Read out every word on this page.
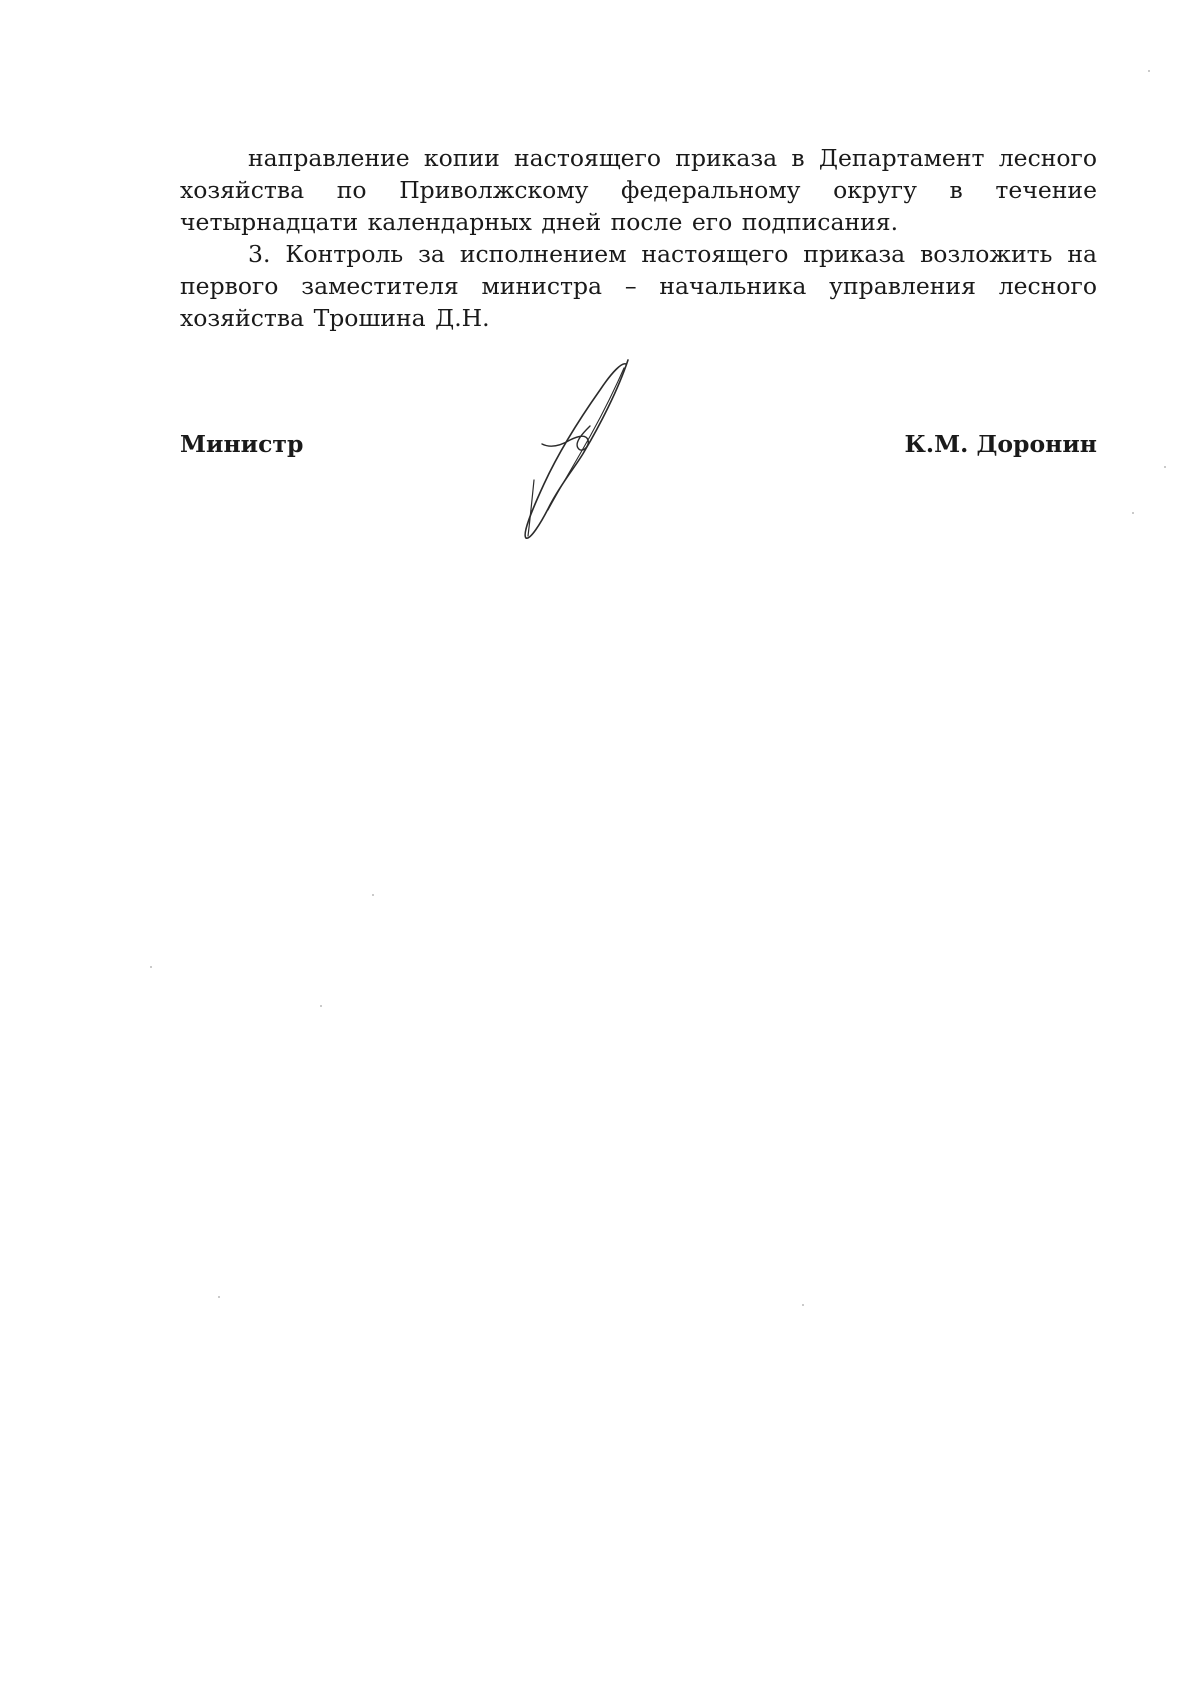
направление копии настоящего приказа в Департамент лесного хозяйства по Приволжскому федеральному округу в течение четырнадцати календарных дней после его подписания.

3. Контроль за исполнением настоящего приказа возложить на первого заместителя министра – начальника управления лесного хозяйства Трошина Д.Н.

Министр	К.М. Доронин
